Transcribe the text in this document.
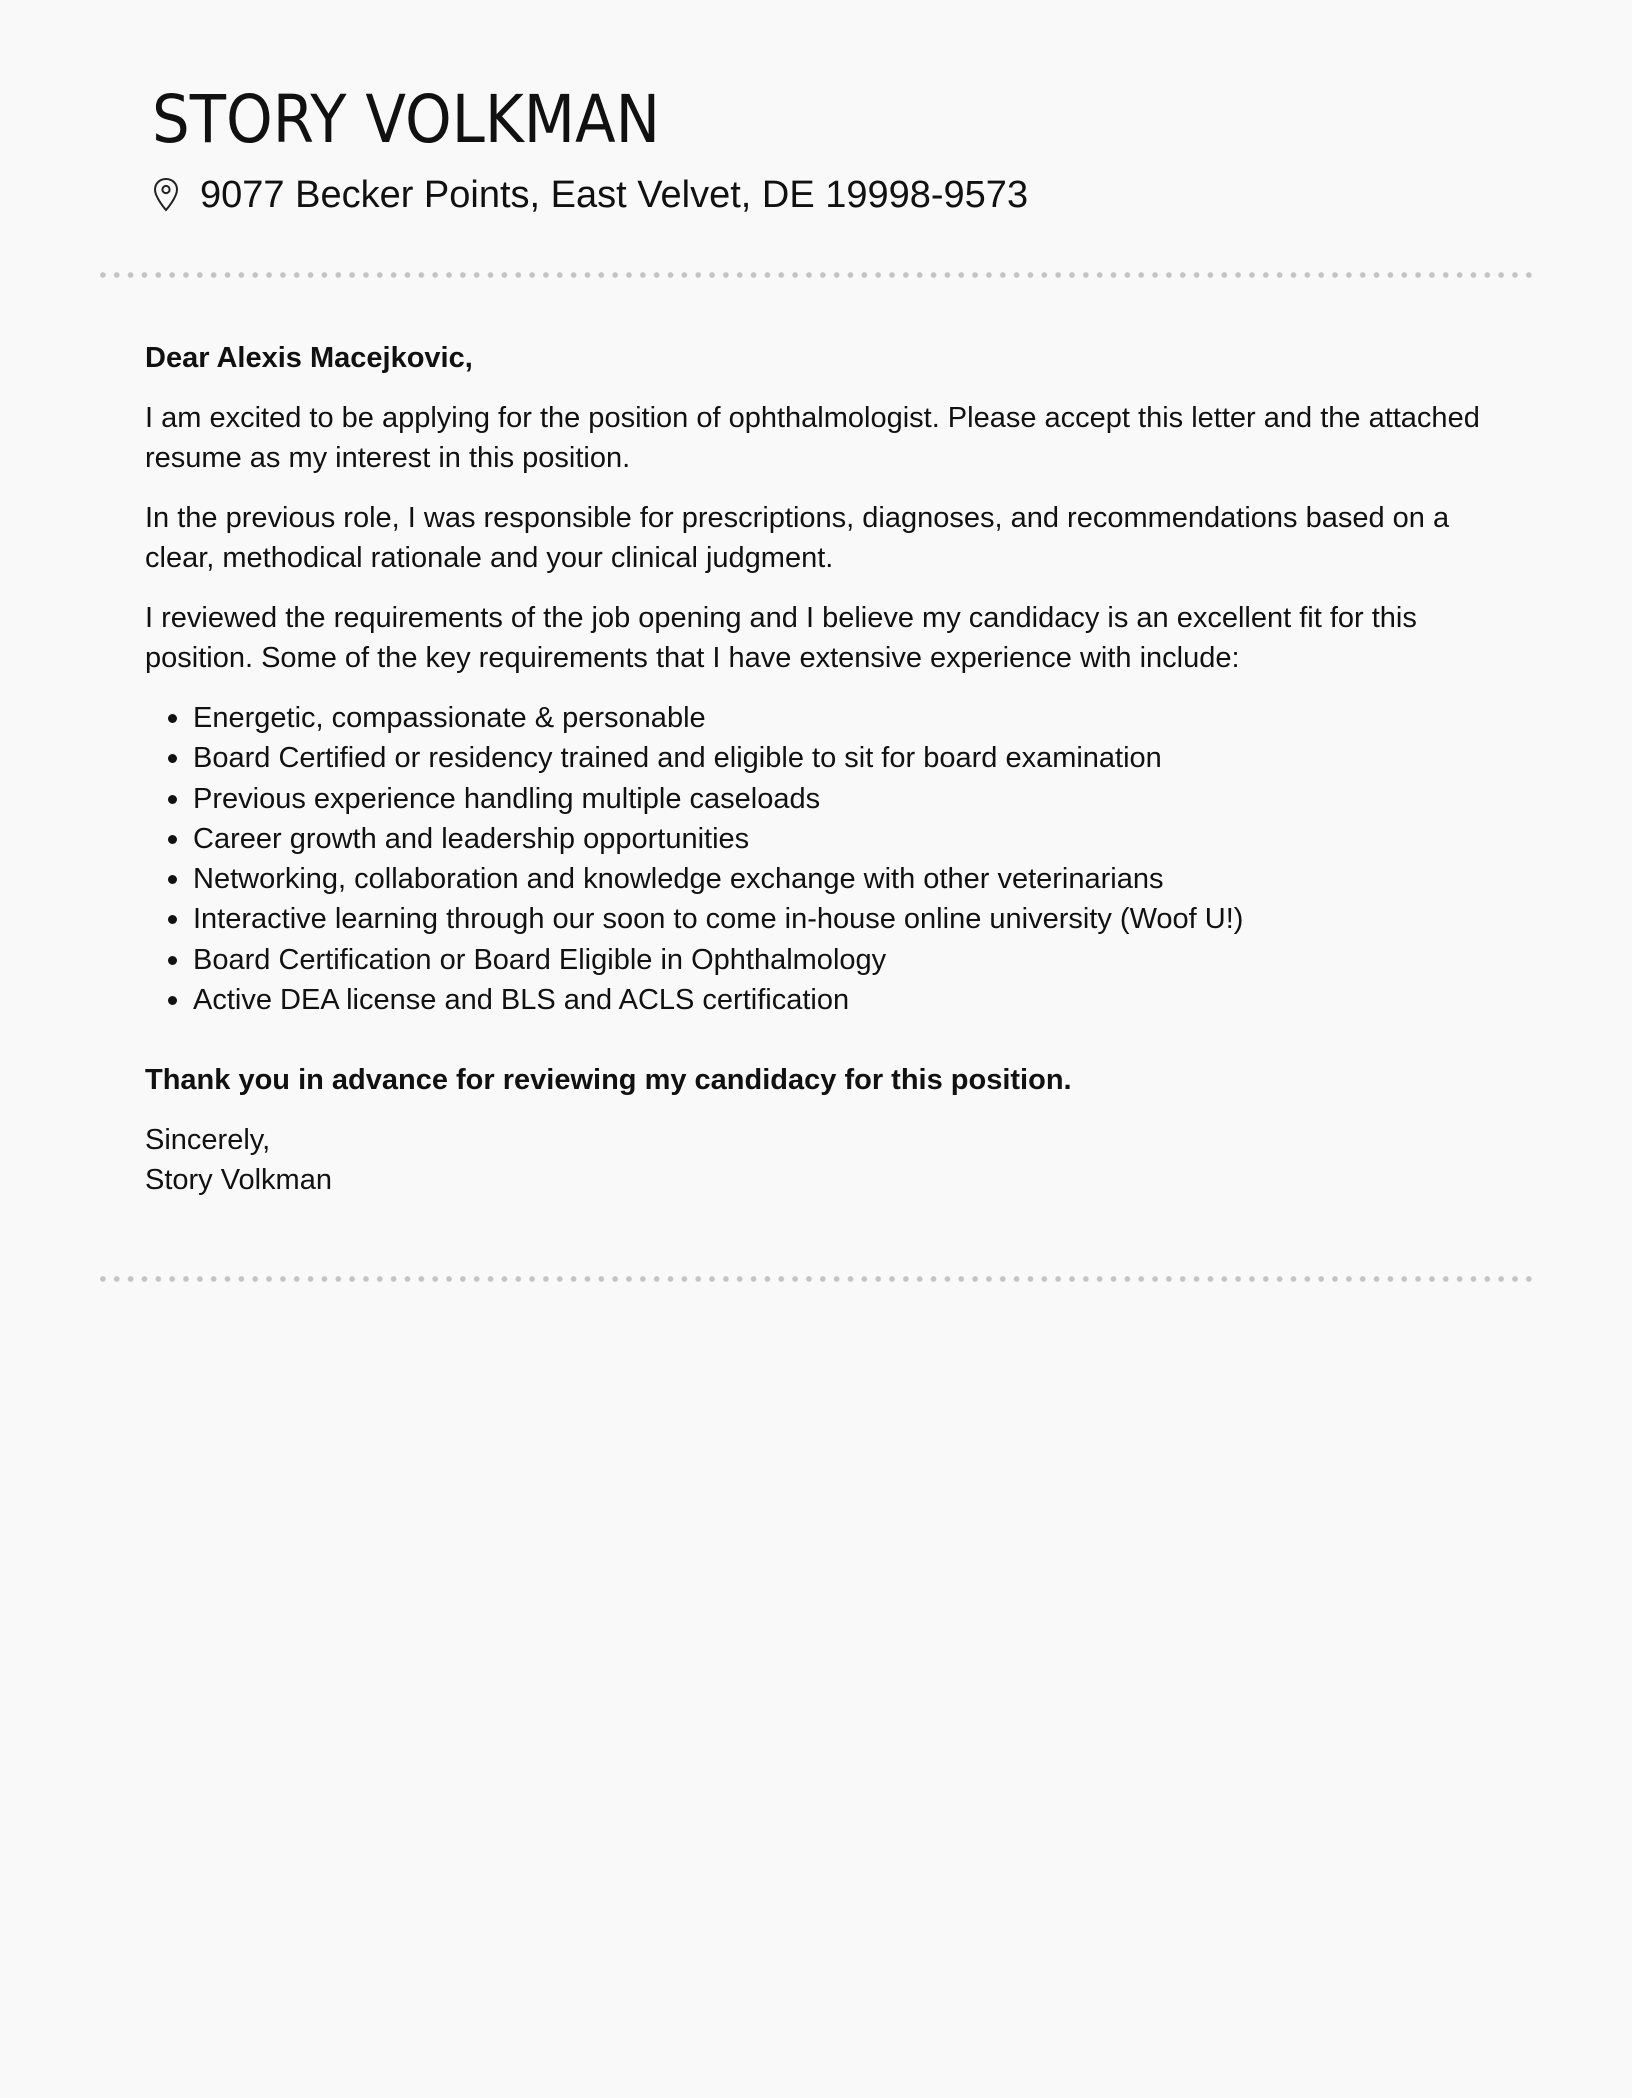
STORY VOLKMAN
9077 Becker Points, East Velvet, DE 19998-9573

Dear Alexis Macejkovic,

I am excited to be applying for the position of ophthalmologist. Please accept this letter and the attached resume as my interest in this position.

In the previous role, I was responsible for prescriptions, diagnoses, and recommendations based on a clear, methodical rationale and your clinical judgment.

I reviewed the requirements of the job opening and I believe my candidacy is an excellent fit for this position. Some of the key requirements that I have extensive experience with include:

Energetic, compassionate & personable
Board Certified or residency trained and eligible to sit for board examination
Previous experience handling multiple caseloads
Career growth and leadership opportunities
Networking, collaboration and knowledge exchange with other veterinarians
Interactive learning through our soon to come in-house online university (Woof U!)
Board Certification or Board Eligible in Ophthalmology
Active DEA license and BLS and ACLS certification

Thank you in advance for reviewing my candidacy for this position.

Sincerely,
Story Volkman
